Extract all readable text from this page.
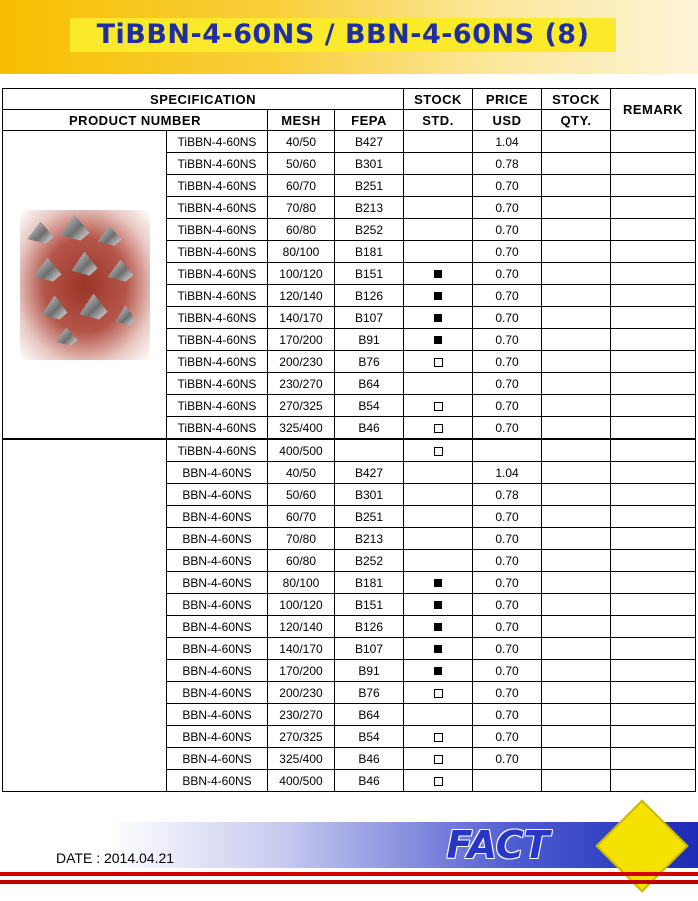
TiBBN-4-60NS / BBN-4-60NS (8)
SPECIFICATION				STOCK	PRICE	STOCK	REMARK
PRODUCT NUMBER		MESH	FEPA	STD.	USD	QTY.	

	TiBBN-4-60NS	40/50	B427		1.04		
	TiBBN-4-60NS	50/60	B301		0.78		
	TiBBN-4-60NS	60/70	B251		0.70		
	TiBBN-4-60NS	70/80	B213		0.70		
	TiBBN-4-60NS	60/80	B252		0.70		
	TiBBN-4-60NS	80/100	B181		0.70		
	TiBBN-4-60NS	100/120	B151		0.70		
	TiBBN-4-60NS	120/140	B126		0.70		
	TiBBN-4-60NS	140/170	B107		0.70		
	TiBBN-4-60NS	170/200	B91		0.70		
	TiBBN-4-60NS	200/230	B76		0.70		
	TiBBN-4-60NS	230/270	B64		0.70		
	TiBBN-4-60NS	270/325	B54		0.70		
	TiBBN-4-60NS	325/400	B46		0.70		
	TiBBN-4-60NS	400/500					
	BBN-4-60NS	40/50	B427		1.04		
	BBN-4-60NS	50/60	B301		0.78		
	BBN-4-60NS	60/70	B251		0.70		
	BBN-4-60NS	70/80	B213		0.70		
	BBN-4-60NS	60/80	B252		0.70		
	BBN-4-60NS	80/100	B181		0.70		
	BBN-4-60NS	100/120	B151		0.70		
	BBN-4-60NS	120/140	B126		0.70		
	BBN-4-60NS	140/170	B107		0.70		
	BBN-4-60NS	170/200	B91		0.70		
	BBN-4-60NS	200/230	B76		0.70		
	BBN-4-60NS	230/270	B64		0.70		
	BBN-4-60NS	270/325	B54		0.70		
	BBN-4-60NS	325/400	B46		0.70		
	BBN-4-60NS	400/500	B46				
FACT
DATE : 2014.04.21
